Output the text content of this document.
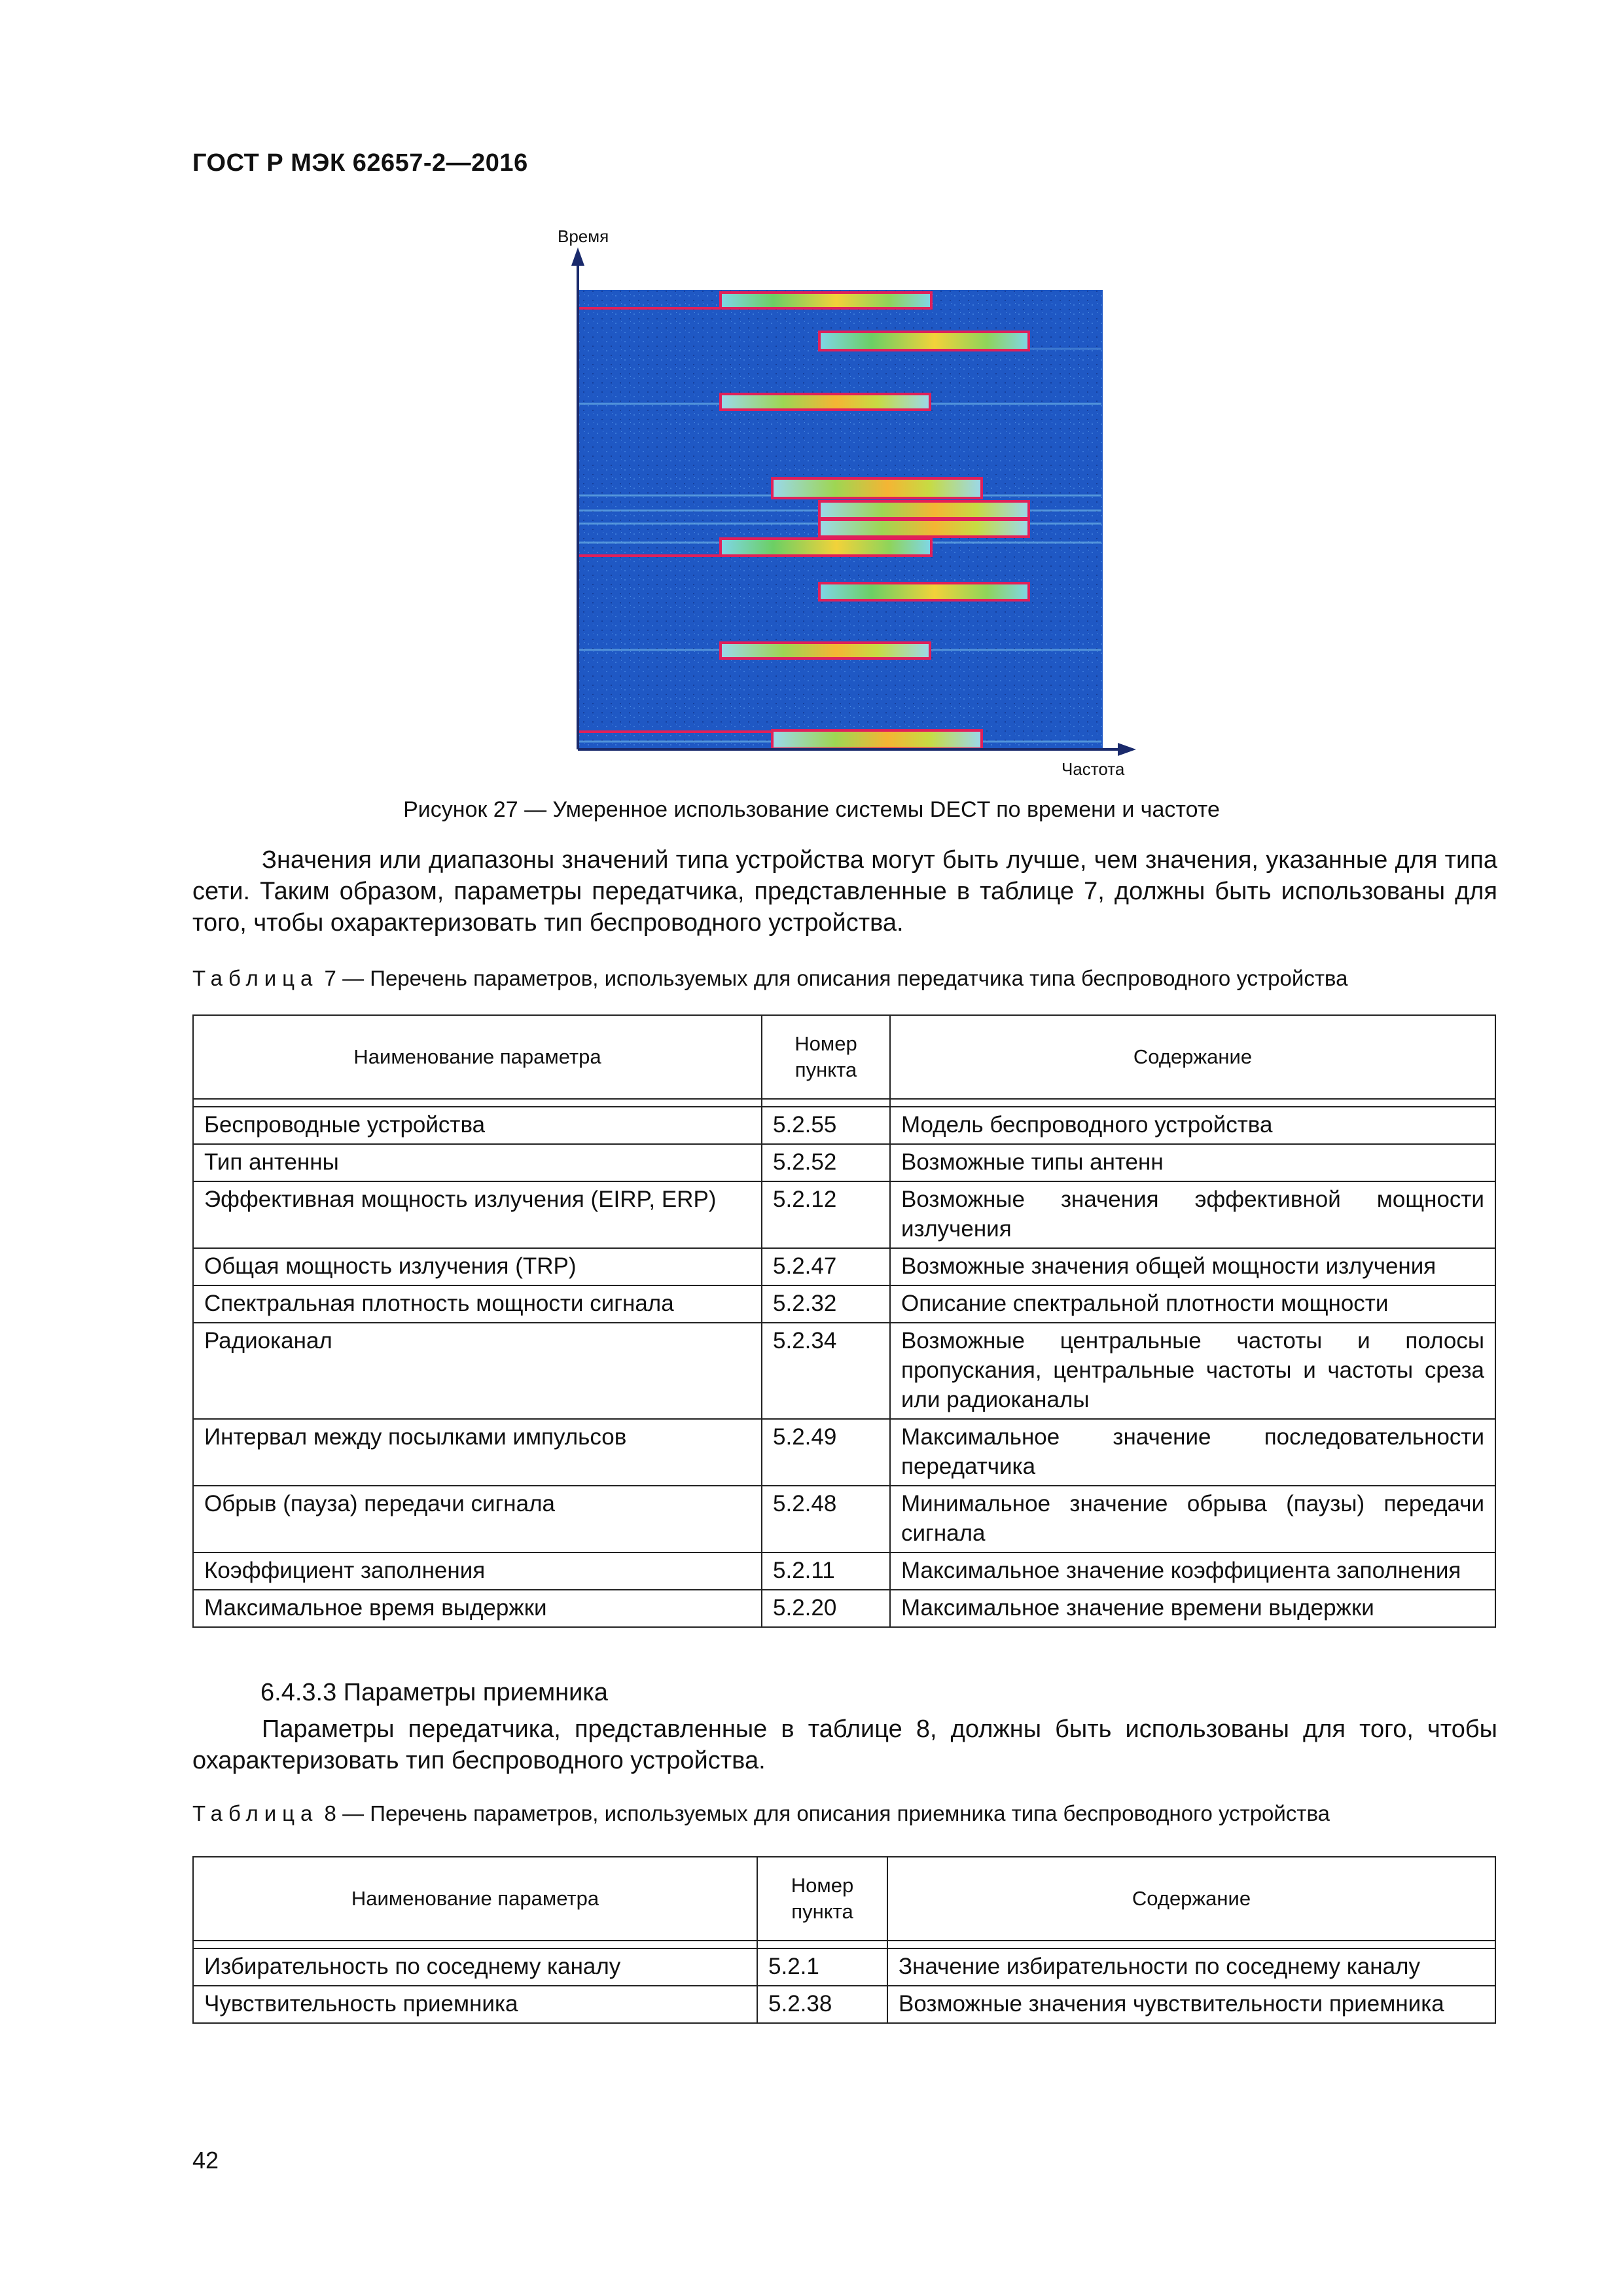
ГОСТ Р МЭК 62657-2—2016
Время
Частота
Рисунок 27 — Умеренное использование системы DECT по времени и частоте
Значения или диапазоны значений типа устройства могут быть лучше, чем значения, указанные для типа сети. Таким образом, параметры передатчика, представленные в таблице 7, должны быть использованы для того, чтобы охарактеризовать тип беспроводного устройства.
Таблица 7 — Перечень параметров, используемых для описания передатчика типа беспроводного устройства
Наименование параметра	Номер пункта	Содержание

Беспроводные устройства	5.2.55	Модель беспроводного устройства
Тип антенны	5.2.52	Возможные типы антенн
Эффективная мощность излучения (EIRP, ERP)	5.2.12	Возможные значения эффективной мощности излучения
Общая мощность излучения (TRP)	5.2.47	Возможные значения общей мощности излучения
Спектральная плотность мощности сигнала	5.2.32	Описание спектральной плотности мощности
Радиоканал	5.2.34	Возможные центральные частоты и полосы пропускания, центральные частоты и частоты среза или радиоканалы
Интервал между посылками импульсов	5.2.49	Максимальное значение последовательности передатчика
Обрыв (пауза) передачи сигнала	5.2.48	Минимальное значение обрыва (паузы) передачи сигнала
Коэффициент заполнения	5.2.11	Максимальное значение коэффициента заполнения
Максимальное время выдержки	5.2.20	Максимальное значение времени выдержки
6.4.3.3 Параметры приемника
Параметры передатчика, представленные в таблице 8, должны быть использованы для того, чтобы охарактеризовать тип беспроводного устройства.
Таблица 8 — Перечень параметров, используемых для описания приемника типа беспроводного устройства
Наименование параметра	Номер пункта	Содержание

Избирательность по соседнему каналу	5.2.1	Значение избирательности по соседнему каналу
Чувствительность приемника	5.2.38	Возможные значения чувствительности приемника
42
